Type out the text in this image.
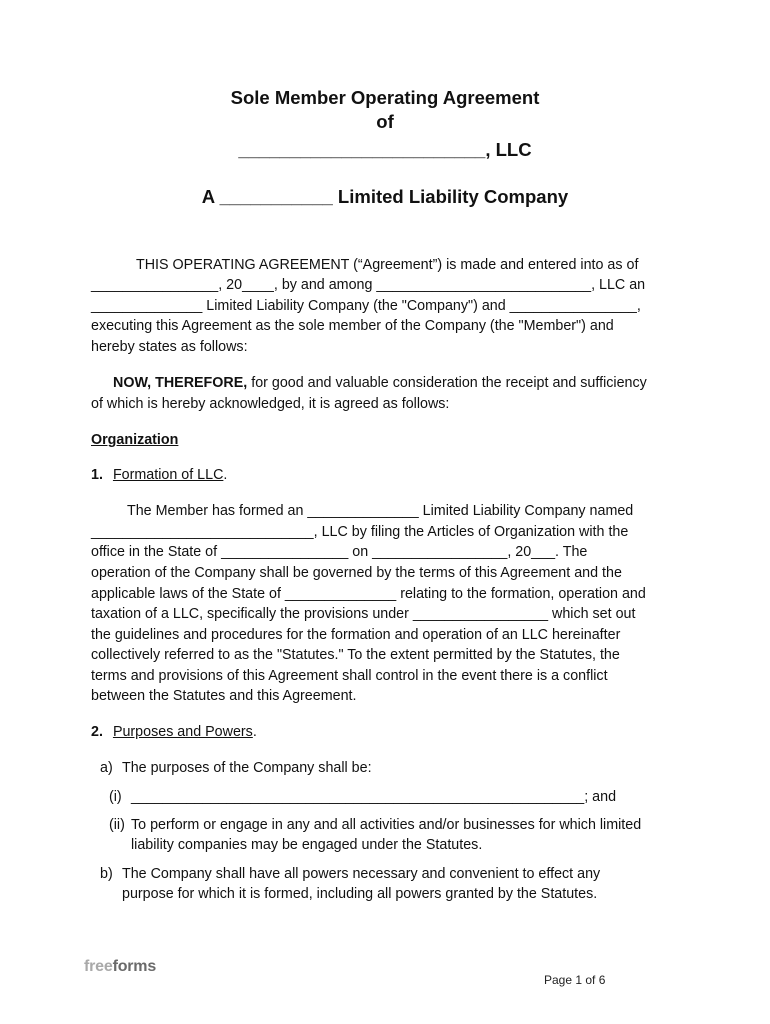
Sole Member Operating Agreement
of
________________________, LLC
A ___________ Limited Liability Company
THIS OPERATING AGREEMENT (“Agreement”) is made and entered into as of
________________, 20____, by and among ___________________________, LLC an
______________ Limited Liability Company (the "Company") and ________________,
executing this Agreement as the sole member of the Company (the "Member") and
hereby states as follows:
NOW, THEREFORE, for good and valuable consideration the receipt and sufficiency
of which is hereby acknowledged, it is agreed as follows:
Organization
1. Formation of LLC.
The Member has formed an ______________ Limited Liability Company named
____________________________, LLC by filing the Articles of Organization with the
office in the State of ________________ on _________________, 20___. The
operation of the Company shall be governed by the terms of this Agreement and the
applicable laws of the State of ______________ relating to the formation, operation and
taxation of a LLC, specifically the provisions under _________________ which set out
the guidelines and procedures for the formation and operation of an LLC hereinafter
collectively referred to as the "Statutes." To the extent permitted by the Statutes, the
terms and provisions of this Agreement shall control in the event there is a conflict
between the Statutes and this Agreement.
2. Purposes and Powers.
a) The purposes of the Company shall be:
(i) _________________________________________________________; and
(ii) To perform or engage in any and all activities and/or businesses for which limited
liability companies may be engaged under the Statutes.
b) The Company shall have all powers necessary and convenient to effect any
purpose for which it is formed, including all powers granted by the Statutes.
freeforms
Page 1 of 6
